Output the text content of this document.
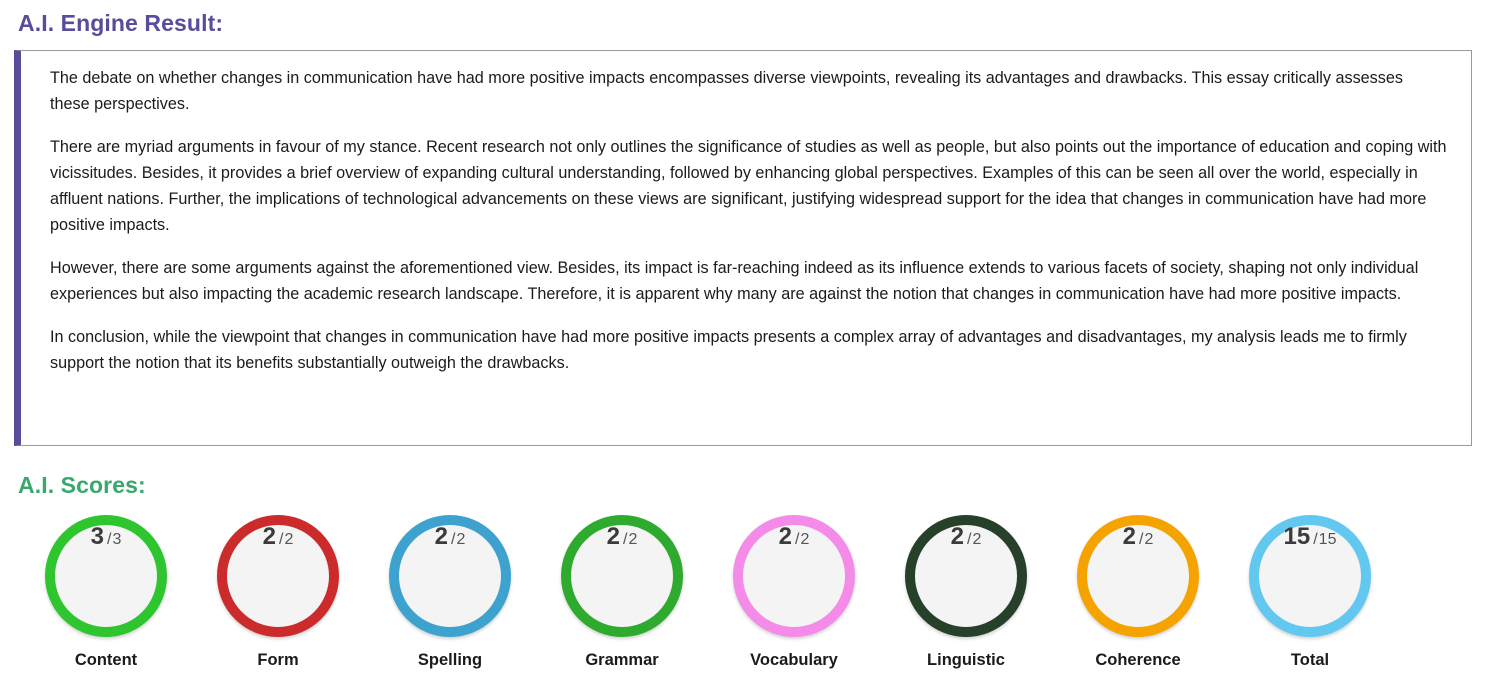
A.I. Engine Result:

The debate on whether changes in communication have had more positive impacts encompasses diverse viewpoints, revealing its advantages and drawbacks. This essay critically assesses these perspectives.

There are myriad arguments in favour of my stance. Recent research not only outlines the significance of studies as well as people, but also points out the importance of education and coping with vicissitudes. Besides, it provides a brief overview of expanding cultural understanding, followed by enhancing global perspectives. Examples of this can be seen all over the world, especially in affluent nations. Further, the implications of technological advancements on these views are significant, justifying widespread support for the idea that changes in communication have had more positive impacts.

However, there are some arguments against the aforementioned view. Besides, its impact is far-reaching indeed as its influence extends to various facets of society, shaping not only individual experiences but also impacting the academic research landscape. Therefore, it is apparent why many are against the notion that changes in communication have had more positive impacts.

In conclusion, while the viewpoint that changes in communication have had more positive impacts presents a complex array of advantages and disadvantages, my analysis leads me to firmly support the notion that its benefits substantially outweigh the drawbacks.

A.I. Scores:
3 / 3
Content
2 / 2
Form
2 / 2
Spelling
2 / 2
Grammar
2 / 2
Vocabulary
2 / 2
Linguistic
2 / 2
Coherence
15 / 15
Total
